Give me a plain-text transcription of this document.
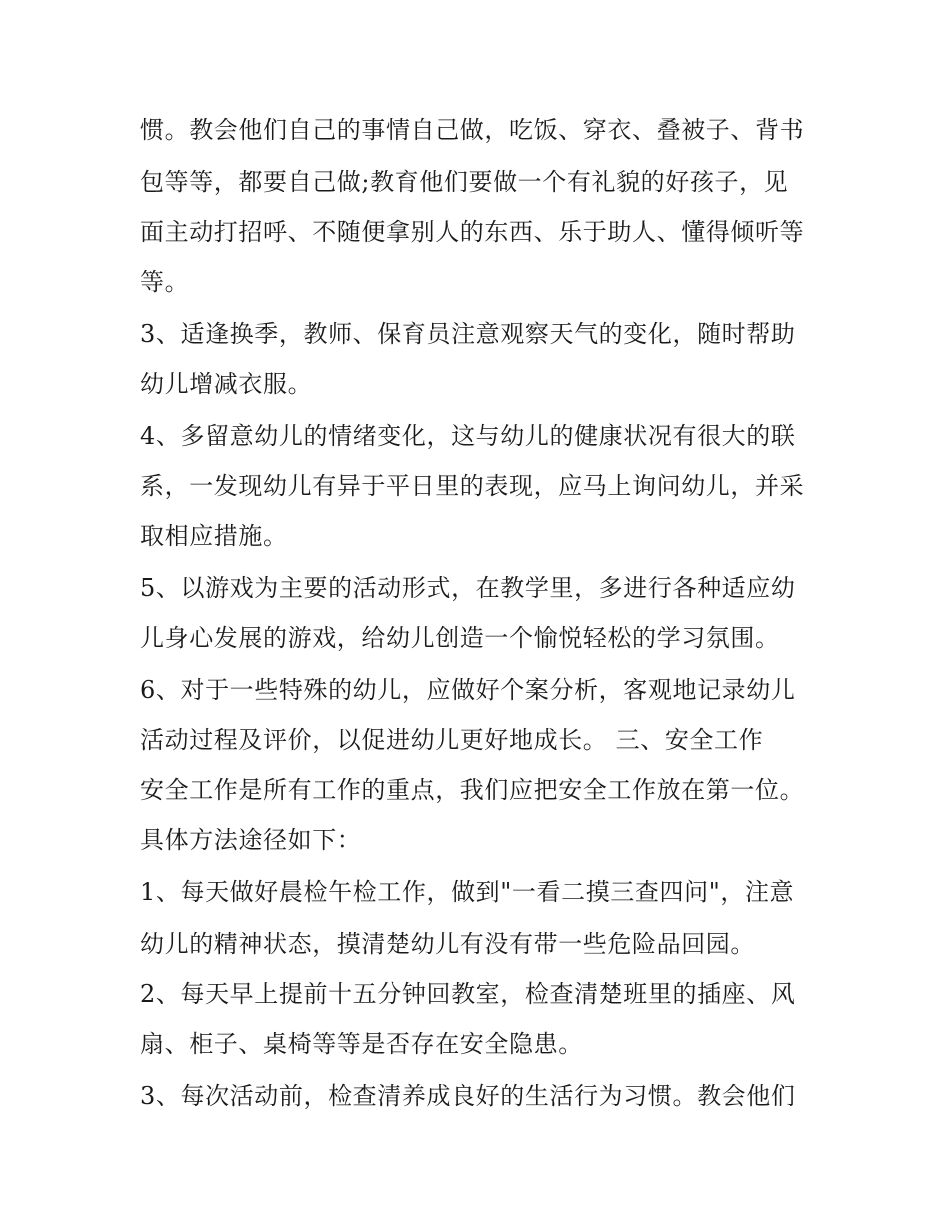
惯。教会他们自己的事情自己做，吃饭、穿衣、叠被子、背书
包等等，都要自己做;教育他们要做一个有礼貌的好孩子，见
面主动打招呼、不随便拿别人的东西、乐于助人、懂得倾听等
等。
3、适逢换季，教师、保育员注意观察天气的变化，随时帮助
幼儿增减衣服。
4、多留意幼儿的情绪变化，这与幼儿的健康状况有很大的联
系，一发现幼儿有异于平日里的表现，应马上询问幼儿，并采
取相应措施。
5、以游戏为主要的活动形式，在教学里，多进行各种适应幼
儿身心发展的游戏，给幼儿创造一个愉悦轻松的学习氛围。
6、对于一些特殊的幼儿，应做好个案分析，客观地记录幼儿
活动过程及评价，以促进幼儿更好地成长。 三、安全工作
安全工作是所有工作的重点，我们应把安全工作放在第一位。
具体方法途径如下：
1、每天做好晨检午检工作，做到"一看二摸三查四问"，注意
幼儿的精神状态，摸清楚幼儿有没有带一些危险品回园。
2、每天早上提前十五分钟回教室，检查清楚班里的插座、风
扇、柜子、桌椅等等是否存在安全隐患。
3、每次活动前，检查清养成良好的生活行为习惯。教会他们
